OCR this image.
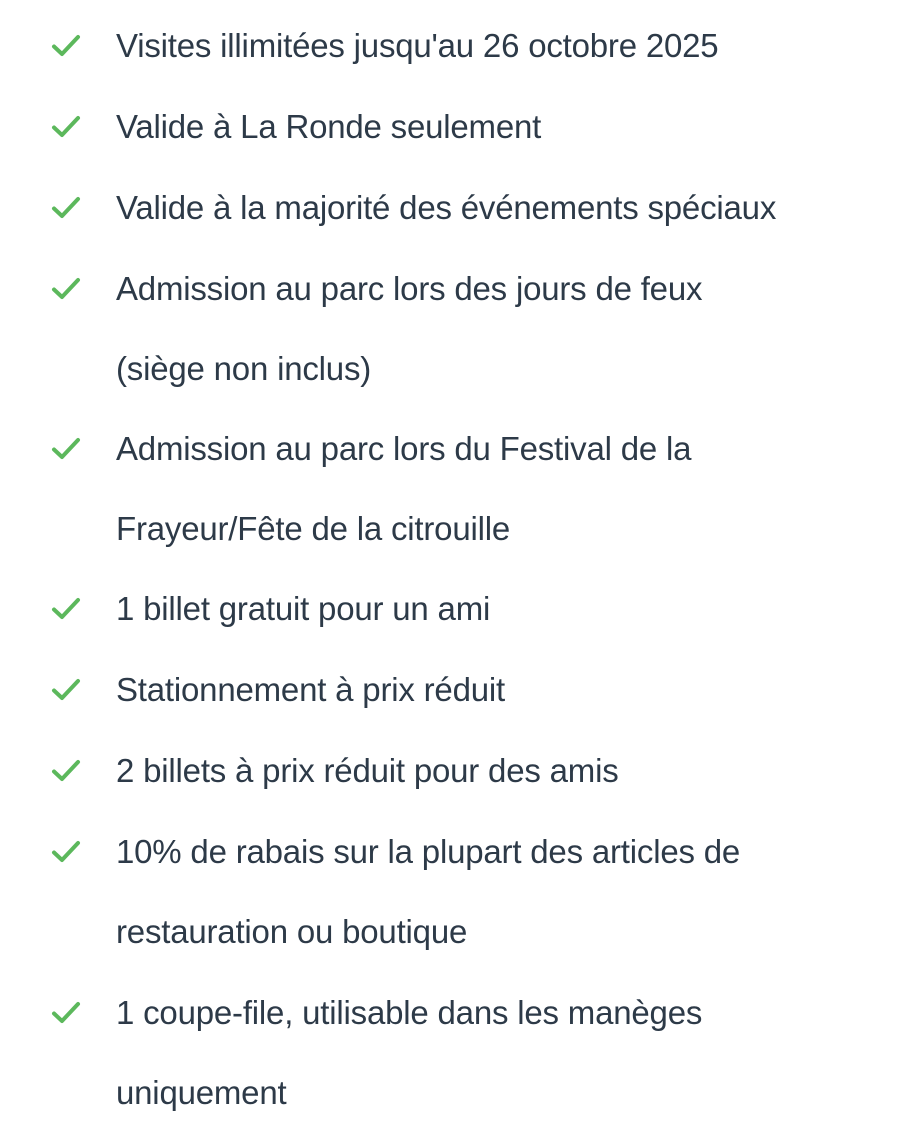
Visites illimitées jusqu'au 26 octobre 2025
Valide à La Ronde seulement
Valide à la majorité des événements spéciaux
Admission au parc lors des jours de feux
(siège non inclus)
Admission au parc lors du Festival de la
Frayeur/Fête de la citrouille
1 billet gratuit pour un ami
Stationnement à prix réduit
2 billets à prix réduit pour des amis
10% de rabais sur la plupart des articles de
restauration ou boutique
1 coupe-file, utilisable dans les manèges
uniquement
